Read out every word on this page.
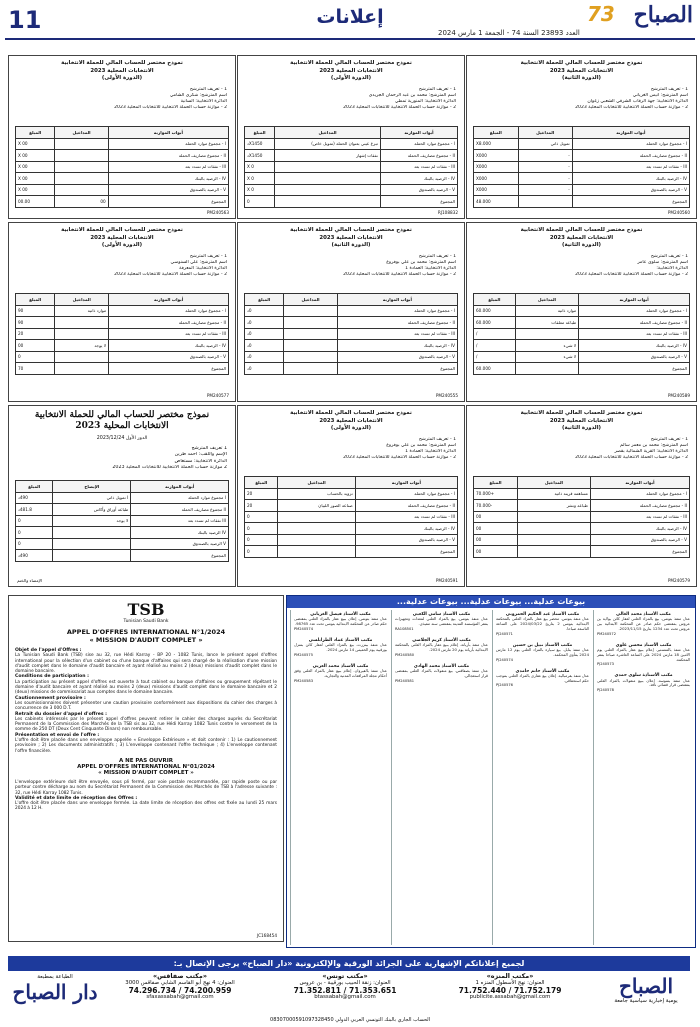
11	إعلانات
العدد 23893 السنة 74 - الجمعة 1 مارس 2024
73 الصباح
نموذج مختصر للحساب المالي للحملة الانتخابية
الانتخابات المحلية 2023
(الدورة الثانية)
1 - تعريف المترشح
اسم المترشح: أنيس الغرياني
الدائرة الانتخابية: جهة الرقاب الشرقي الشعبي زغوان
2 - موازنة حساب الحملة الانتخابية للانتخابات المحلية 2023
المبلغ	المداخيل	أبواب الموازنة
X8.000	تمويل ذاتي	I - مجموع موارد الحملة
X000	-	II - مجموع مصاريف الحملة
X000	-	III - نفقات لم تسدد بعد
X000	-	IV - الرصيد بالبنك
X000	-	V - الرصيد بالصندوق
48.000		المجموع
PM240560
نموذج مختصر للحساب المالي للحملة الانتخابية
الانتخابات المحلية 2023
(الدورة الأولى)
1 - تعريف المترشح
اسم المترشح: محمد بن عبد الرحمان الجريدي
الدائرة الانتخابية: المنورية تمطي
2 - موازنة حساب الحملة الانتخابية للانتخابات المحلية 2023
المبلغ	المداخيل	أبواب الموازنة
X1450د	تبرع عيني بعنوان الحملة (تمويل خاص)	I - مجموع موارد الحملة
X1450د	نفقات إشهار	II - مجموع مصاريف الحملة
0 X		III - نفقات لم تسدد بعد
0 X		IV - الرصيد بالبنك
0 X		V - الرصيد بالصندوق
0		المجموع
RJ108832
نموذج مختصر للحساب المالي للحملة الانتخابية
الانتخابات المحلية 2023
(الدورة الأولى)
1 - تعريف المترشح
اسم المترشح: شكري الشامي
الدائرة الانتخابية: السانية
2 - موازنة حساب الحملة الانتخابية للانتخابات المحلية 2023
المبلغ	المداخيل	أبواب الموازنة
00 X		I - مجموع موارد الحملة
00 X		II - مجموع مصاريف الحملة
00 X		III - نفقات لم تسدد بعد
00 X		IV - الرصيد بالبنك
00 X		V - الرصيد بالصندوق
00.00	00	المجموع
PM240563
نموذج مختصر للحساب المالي للحملة الانتخابية
الانتخابات المحلية 2023
(الدورة الثانية)
1 - تعريف المترشح
اسم المترشح: سلوى عامر
الدائرة الانتخابية:
2 - موازنة حساب الحملة الانتخابية للانتخابات المحلية 2023
المبلغ	المداخيل	أبواب الموازنة
60.000	موارد ذاتية	I - مجموع موارد الحملة
60.000	طباعة معلقات	II - مجموع مصاريف الحملة
/		III - نفقات لم تسدد بعد
/	لا شيء	IV - الرصيد بالبنك
/	لا شيء	V - الرصيد بالصندوق
60.000		المجموع
PM240589
نموذج مختصر للحساب المالي للحملة الانتخابية
الانتخابات المحلية 2023
(الدورة الثانية)
1 - تعريف المترشح
اسم المترشح: محمد بن علي بوفروع
الدائرة الانتخابية: العمادة 1
2 - موازنة حساب الحملة الانتخابية للانتخابات المحلية 2023
المبلغ	المداخيل	أبواب الموازنة
0د		I - مجموع موارد الحملة
0د		II - مجموع مصاريف الحملة
0د		III - نفقات لم تسدد بعد
0د		IV - الرصيد بالبنك
0د		V - الرصيد بالصندوق
0د		المجموع
PM240555
نموذج مختصر للحساب المالي للحملة الانتخابية
الانتخابات المحلية 2023
(الدورة الأولى)
1 - تعريف المترشح
اسم المترشح: علي السنوسي
الدائرة الانتخابية: المعرفة
2 - موازنة حساب الحملة الانتخابية للانتخابات المحلية 2023
المبلغ	المداخيل	أبواب الموازنة
90	موارد ذاتية	I - مجموع موارد الحملة
90		II - مجموع مصاريف الحملة
20		III - نفقات لم تسدد بعد
00	لا يوجد	IV - الرصيد بالبنك
0		V - الرصيد بالصندوق
70		المجموع
PM240577
نموذج مختصر للحساب المالي للحملة الانتخابية
الانتخابات المحلية 2023
(الدورة الثانية)
1 - تعريف المترشح
اسم المترشح: محمد بن معمر سالم
الدائرة الانتخابية: القرية الشمالية بقصر
2 - موازنة حساب الحملة الانتخابية للانتخابات المحلية 2023
المبلغ	المداخيل	أبواب الموازنة
+70.000	مساهمة قرينة ذاتية	I - مجموع موارد الحملة
-70.000	طباعة ونشر	II - مجموع مصاريف الحملة
00		III - نفقات لم تسدد بعد
00		IV - الرصيد بالبنك
00		V - الرصيد بالصندوق
00		المجموع
PM240579
نموذج مختصر للحساب المالي للحملة الانتخابية
الانتخابات المحلية 2023
(الدورة الأولى)
1 - تعريف المترشح
اسم المترشح: محمد بن علي بوفروع
الدائرة الانتخابية: العمادة 1
2 - موازنة حساب الحملة الانتخابية للانتخابات المحلية 2023
المبلغ	المداخيل	أبواب الموازنة
20	تزويد بالحساب	I - مجموع موارد الحملة
20	صناعة الصور اللبيان	II - مجموع مصاريف الحملة
0		III - نفقات لم تسدد بعد
0		IV - الرصيد بالبنك
0		V - الرصيد بالصندوق
0		المجموع
PM240591
نموذج مختصر للحساب المالي للحملة الانتخابية
الانتخابات المحلية 2023
الدور الأول 2023/12/24
1 تعريف المترشح
الإسم واللقب: أحمد طرين
الدائرة الانتخابية: مستغاص
2 موازنة حساب الحملة الانتخابية للانتخابات المحلية 2023
المبلغ	الإيضاح	أبواب الموازنة
490د	I تمويل ذاتي	I مجموع موارد الحملة
481.8د	طباعة أوراق وأكاس	II مجموع مصاريف الحملة
0	لا يوجد	III نفقات لم تسدد بعد
0		IV الرصيد بالبنك
0		V الرصيد بالصندوق
490د		المجموع
الإمضاء والختم
TSB
Tunisian Saudi Bank
APPEL D'OFFRES INTERNATIONAL N°1/2024
« MISSION D'AUDIT COMPLET »
Objet de l'appel d'Offres :
La Tunisian Saudi Bank (TSB) sise au 32, rue Hédi Karray - BP 20 - 1082 Tunis, lance le présent appel d'offres international pour la sélection d'un cabinet ou d'une banque d'affaires qui sera chargé de la réalisation d'une mission d'audit complet dans le domaine d'audit bancaire et ayant réalisé au moins 2 (deux) missions d'audit complet dans le domaine bancaire.
Conditions de participation :
La participation au présent appel d'offres est ouverte à tout cabinet ou banque d'affaires ou groupement répétant le domaine d'audit bancaire et ayant réalisé au moins 2 (deux) missions d'audit complet dans le domaine bancaire et 2 (deux) missions de commissariat aux comptes dans le domaine bancaire.
Cautionnement provisoire :
Les soumissionnaires doivent présenter une caution provisoire conformément aux dispositions du cahier des charges à concurrence de 3 000 D.T.
Retrait du dossier d'appel d'offres :
Les cabinets intéressés par le présent appel d'offres peuvent retirer le cahier des charges auprès du Secrétariat Permanent de la Commission des Marchés de la TSB sis au 32, rue Hédi Karray 1082 Tunis contre le versement de la somme de 250 DT (Deux Cent Cinquante Dinars) non remboursable.
Présentation et envoi de l'offre :
L'offre doit être placée dans une enveloppe appelée « Enveloppe Extérieure » et doit contenir : 1) Le cautionnement provisoire ; 2) Les documents administratifs ; 3) L'enveloppe contenant l'offre technique ; 4) L'enveloppe contenant l'offre financière.
A NE PAS OUVRIR
APPEL D'OFFRES INTERNATIONAL N°01/2024
« MISSION D'AUDIT COMPLET »
L'enveloppe extérieure doit être envoyée, sous pli fermé, par voie postale recommandée, par rapide poste ou par porteur contre décharge au nom du Secrétariat Permanent de la Commission des Marchés de TSB à l'adresse suivante : 32, rue Hédi Karray 1082 Tunis.
Validité et date limite de réception des Offres :
L'offre doit être placée dans une enveloppe fermée. La date limite de réception des offres est fixée au lundi 25 mars 2024 à 12 H.
JC168454
بيوعات عدلية... بيوعات عدلية... بيوعات عدلية...
مكتب الأستاذ محمد الغالي
عدل منفذ بتونس. بيع بالمزاد العلني لعقار كائن بولاية بن عروس بمقتضى حكم صادر عن المحكمة الابتدائية ببن عروس تحت عدد 1234 بتاريخ 2023/11/15.
PM240572
مكتب الأستاذ محسن علوي
عدل منفذ بالمنستير. إعلام ببيع عقار بالمزاد العلني يوم الاثنين 18 مارس 2024 على الساعة العاشرة صباحا بمقر المحكمة.
PJ240573
مكتب الأستاذة سلوى حمدي
عدل منفذ بسوسة. إعلان ببيع منقولات بالمزاد العلني بمقتضى قرار قضائي نافذ.
PJ240578
مكتب الأستاذ عبد الحكيم الحمروني
عدل منفذ بتونس. محضر بيع عقار بالمزاد العلني بالمحكمة الابتدائية بتونس 2 بتاريخ 2024/03/22 على الساعة التاسعة صباحا.
PJ240571
مكتب الأستاذ نبيل بن حسين
عدل منفذ بنابل. بيع سيارة بالمزاد العلني يوم 12 مارس 2024 بمأوى المحكمة.
PJ240574
مكتب الأستاذ حاتم حامدي
عدل منفذ بقرمبالية. إعلان بيع عقاري بالمزاد العلني بموجب حكم استحقاقي.
PJ240576
مكتب الأستاذ سامي الكعبي
عدل منفذ بتونس. بيع بالمزاد العلني لمعدات وتجهيزات بمقر المؤسسة المدينة بمقتضى سند تنفيذي.
RA108501
مكتب الأستاذ كريم الجلاصي
عدل منفذ بأريانة. إعلام ببيع عقار بالمزاد العلني بالمحكمة الابتدائية بأريانة يوم 20 مارس 2024.
PM240580
مكتب الأستاذ محمد الهادي
عدل منفذ بصفاقس. بيع منقولات بالمزاد العلني بمقتضى قرار استعجالي.
PM240581
مكتب الأستاذ فيصل الغرياني
عدل منفذ بتونس. إعلان ببيع عقار بالمزاد العلني بمقتضى حكم صادر عن المحكمة الابتدائية بتونس تحت عدد 98765.
PM240574
مكتب الأستاذ عماد الطرابلسي
عدل منفذ ببنزرت. بيع بالمزاد العلني لعقار كائن بمنزل بورقيبة يوم الخميس 14 مارس 2024.
PM240575
مكتب الأستاذ محمد العربي
عدل منفذ بالقيروان. إعلام ببيع عقار بالمزاد العلني وفق أحكام مجلة المرافعات المدنية والتجارية.
PM240583
لجميع إعلاناتكم الإشهارية على الجرائد الورقية والإلكترونية «دار الصباح» يرجى الإتصال بـ:
الطباعة بمطبعة
دار الصباح
«مكتب صفاقس»
العنوان: 4 نهج أبو القاسم الشابي صفاقس 3000
74.200.959 / 74.296.734
sfaxassabah@gmail.com
«مكتب تونس»
العنوان: زنقة الحبيب بورقيبة - بن عروس
71.353.651 / 71.352.811
btassabah@gmail.com
«مكتب المنزه»
العنوان: نهج الأسطول المنزه 1
71.752.179 / 71.752.440
publicite.assabah@gmail.com	الصباح
يومية إخبارية سياسية جامعة
الحساب الجاري بالبنك التونسي العربي الدولي 08307000591097328450
